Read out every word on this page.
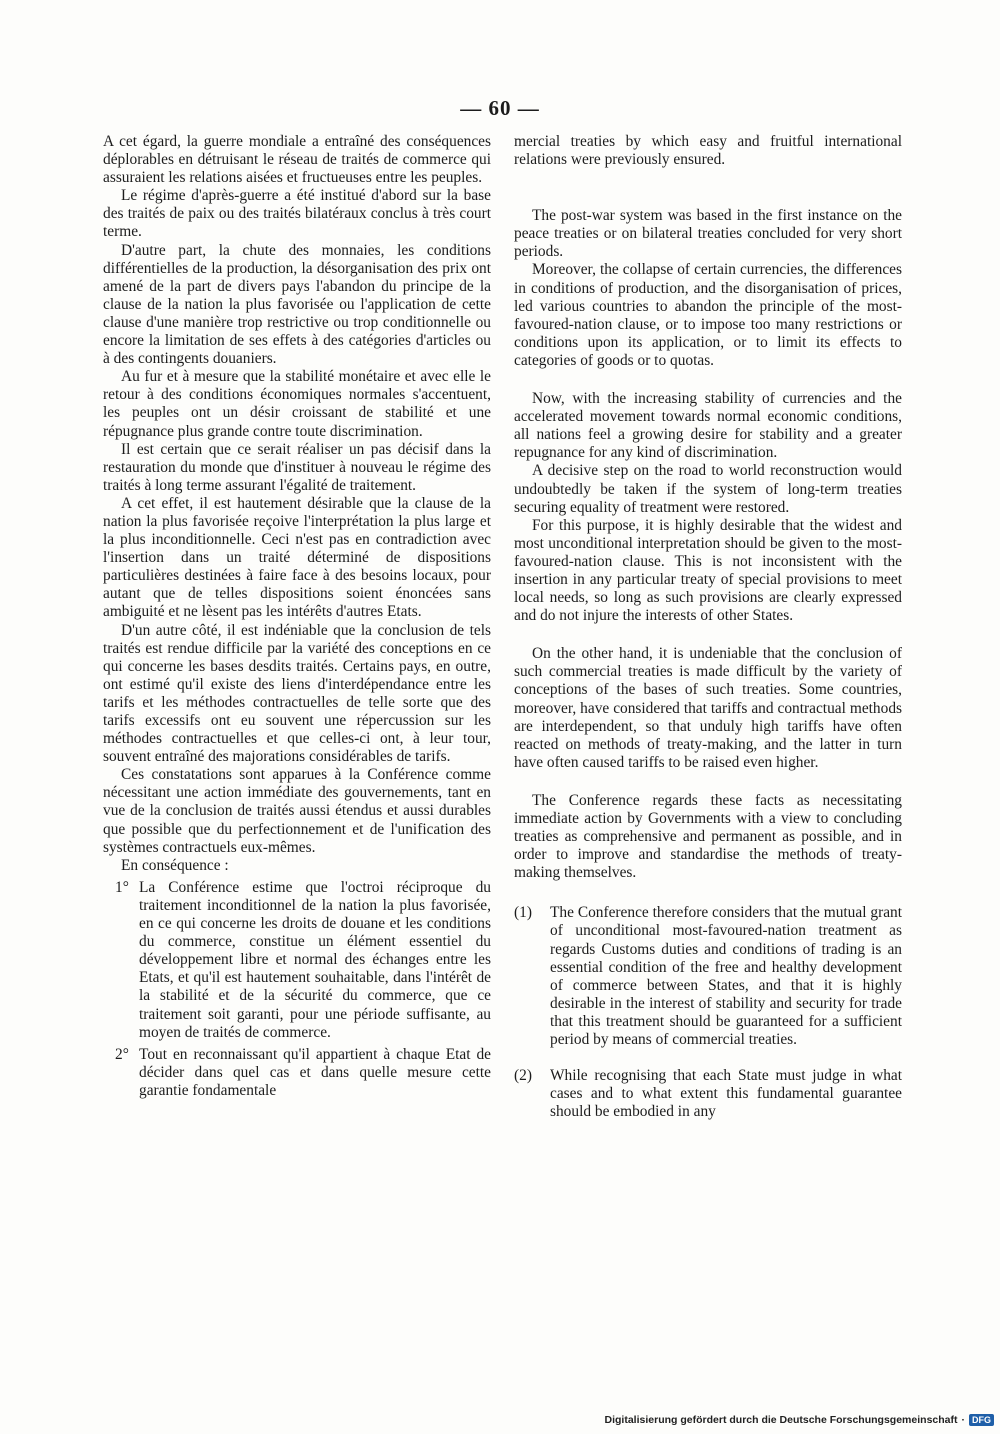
— 60 —

A cet égard, la guerre mondiale a entraîné des conséquences déplorables en détruisant le réseau de traités de commerce qui assuraient les relations aisées et fructueuses entre les peuples.

Le régime d'après-guerre a été institué d'abord sur la base des traités de paix ou des traités bilatéraux conclus à très court terme.

D'autre part, la chute des monnaies, les conditions différentielles de la production, la désorganisation des prix ont amené de la part de divers pays l'abandon du principe de la clause de la nation la plus favorisée ou l'application de cette clause d'une manière trop restrictive ou trop conditionnelle ou encore la limitation de ses effets à des catégories d'articles ou à des contingents douaniers.

Au fur et à mesure que la stabilité monétaire et avec elle le retour à des conditions économiques normales s'accentuent, les peuples ont un désir croissant de stabilité et une répugnance plus grande contre toute discrimination.

Il est certain que ce serait réaliser un pas décisif dans la restauration du monde que d'instituer à nouveau le régime des traités à long terme assurant l'égalité de traitement.

A cet effet, il est hautement désirable que la clause de la nation la plus favorisée reçoive l'interprétation la plus large et la plus inconditionnelle. Ceci n'est pas en contradiction avec l'insertion dans un traité déterminé de dispositions particulières destinées à faire face à des besoins locaux, pour autant que de telles dispositions soient énoncées sans ambiguité et ne lèsent pas les intérêts d'autres Etats.

D'un autre côté, il est indéniable que la conclusion de tels traités est rendue difficile par la variété des conceptions en ce qui concerne les bases desdits traités. Certains pays, en outre, ont estimé qu'il existe des liens d'interdépendance entre les tarifs et les méthodes contractuelles de telle sorte que des tarifs excessifs ont eu souvent une répercussion sur les méthodes contractuelles et que celles-ci ont, à leur tour, souvent entraîné des majorations considérables de tarifs.

Ces constatations sont apparues à la Conférence comme nécessitant une action immédiate des gouvernements, tant en vue de la conclusion de traités aussi étendus et aussi durables que possible que du perfectionnement et de l'unification des systèmes contractuels eux-mêmes.

En conséquence :

1° La Conférence estime que l'octroi réciproque du traitement inconditionnel de la nation la plus favorisée, en ce qui concerne les droits de douane et les conditions du commerce, constitue un élément essentiel du développement libre et normal des échanges entre les Etats, et qu'il est hautement souhaitable, dans l'intérêt de la stabilité et de la sécurité du commerce, que ce traitement soit garanti, pour une période suffisante, au moyen de traités de commerce.
2° Tout en reconnaissant qu'il appartient à chaque Etat de décider dans quel cas et dans quelle mesure cette garantie fondamentale

mercial treaties by which easy and fruitful international relations were previously ensured.

The post-war system was based in the first instance on the peace treaties or on bilateral treaties concluded for very short periods.

Moreover, the collapse of certain currencies, the differences in conditions of production, and the disorganisation of prices, led various countries to abandon the principle of the most-favoured-nation clause, or to impose too many restrictions or conditions upon its application, or to limit its effects to categories of goods or to quotas.

Now, with the increasing stability of currencies and the accelerated movement towards normal economic conditions, all nations feel a growing desire for stability and a greater repugnance for any kind of discrimination.

A decisive step on the road to world reconstruction would undoubtedly be taken if the system of long-term treaties securing equality of treatment were restored.

For this purpose, it is highly desirable that the widest and most unconditional interpretation should be given to the most-favoured-nation clause. This is not inconsistent with the insertion in any particular treaty of special provisions to meet local needs, so long as such provisions are clearly expressed and do not injure the interests of other States.

On the other hand, it is undeniable that the conclusion of such commercial treaties is made difficult by the variety of conceptions of the bases of such treaties. Some countries, moreover, have considered that tariffs and contractual methods are interdependent, so that unduly high tariffs have often reacted on methods of treaty-making, and the latter in turn have often caused tariffs to be raised even higher.

The Conference regards these facts as necessitating immediate action by Governments with a view to concluding treaties as comprehensive and permanent as possible, and in order to improve and standardise the methods of treaty-making themselves.

(1)	The Conference therefore considers that the mutual grant of unconditional most-favoured-nation treatment as regards Customs duties and conditions of trading is an essential condition of the free and healthy development of commerce between States, and that it is highly desirable in the interest of stability and security for trade that this treatment should be guaranteed for a sufficient period by means of commercial treaties.
(2)	While recognising that each State must judge in what cases and to what extent this fundamental guarantee should be embodied in any
Digitalisierung gefördert durch die Deutsche Forschungsgemeinschaft · DFG
